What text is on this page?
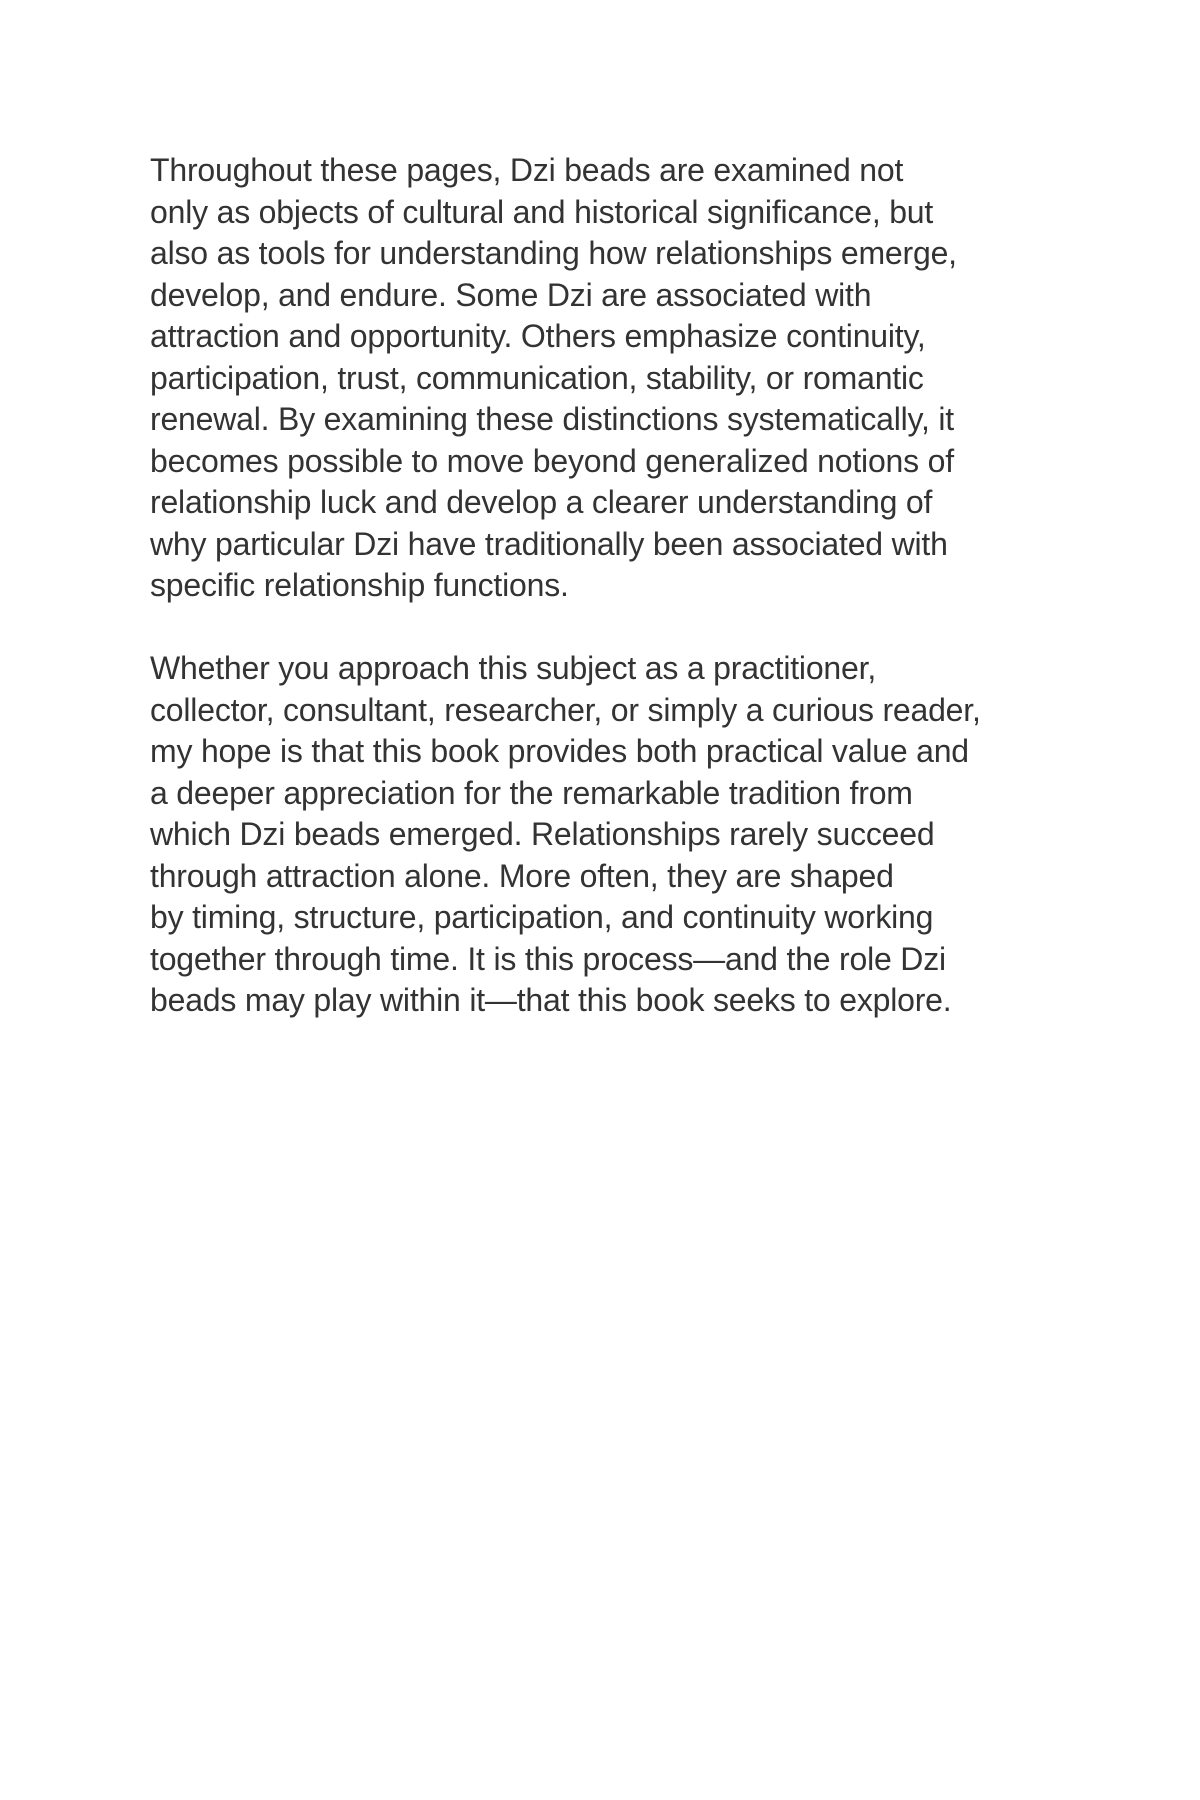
Throughout these pages, Dzi beads are examined not
only as objects of cultural and historical significance, but
also as tools for understanding how relationships emerge,
develop, and endure. Some Dzi are associated with
attraction and opportunity. Others emphasize continuity,
participation, trust, communication, stability, or romantic
renewal. By examining these distinctions systematically, it
becomes possible to move beyond generalized notions of
relationship luck and develop a clearer understanding of
why particular Dzi have traditionally been associated with
specific relationship functions.

Whether you approach this subject as a practitioner,
collector, consultant, researcher, or simply a curious reader,
my hope is that this book provides both practical value and
a deeper appreciation for the remarkable tradition from
which Dzi beads emerged. Relationships rarely succeed
through attraction alone. More often, they are shaped
by timing, structure, participation, and continuity working
together through time. It is this process—and the role Dzi
beads may play within it—that this book seeks to explore.
